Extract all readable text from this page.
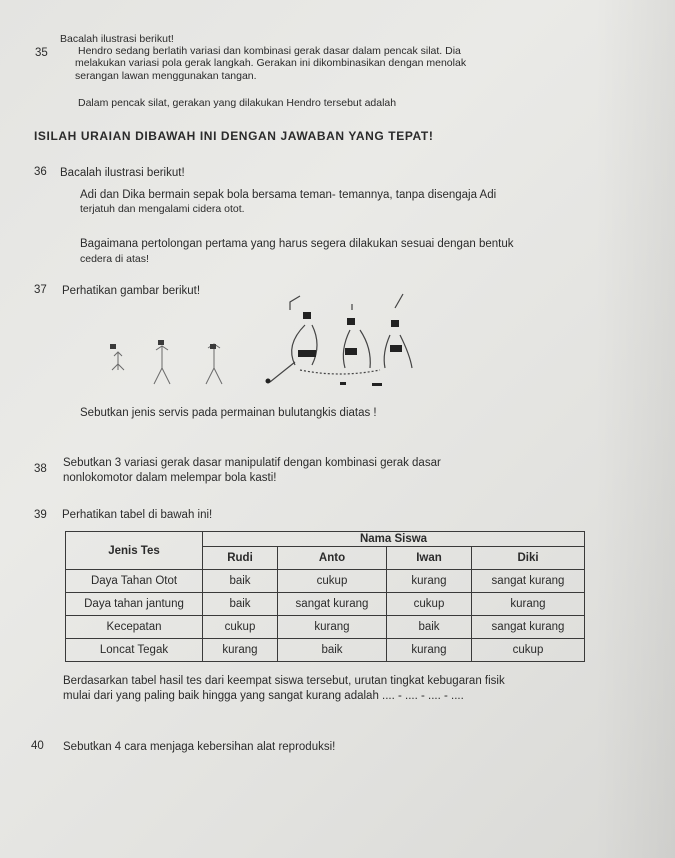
35
Bacalah ilustrasi berikut!
Hendro sedang berlatih variasi dan kombinasi gerak dasar dalam pencak silat. Dia
melakukan variasi pola gerak langkah. Gerakan ini dikombinasikan dengan menolak
serangan lawan menggunakan tangan.
Dalam pencak silat, gerakan yang dilakukan Hendro tersebut adalah
ISILAH URAIAN DIBAWAH INI DENGAN JAWABAN YANG TEPAT!
36 Bacalah ilustrasi berikut!
Adi dan Dika bermain sepak bola bersama teman- temannya, tanpa disengaja Adi
terjatuh dan mengalami cidera otot.
Bagaimana pertolongan pertama yang harus segera dilakukan sesuai dengan bentuk
cedera di atas!
37 Perhatikan gambar berikut!
Sebutkan jenis servis pada permainan bulutangkis diatas !
38 Sebutkan 3 variasi gerak dasar manipulatif dengan kombinasi gerak dasar
nonlokomotor dalam melempar bola kasti!
39 Perhatikan tabel di bawah ini!
Jenis Tes	Nama Siswa			
	Rudi	Anto	Iwan	Diki
Daya Tahan Otot	baik	cukup	kurang	sangat kurang
Daya tahan jantung	baik	sangat kurang	cukup	kurang
Kecepatan	cukup	kurang	baik	sangat kurang
Loncat Tegak	kurang	baik	kurang	cukup
Berdasarkan tabel hasil tes dari keempat siswa tersebut, urutan tingkat kebugaran fisik
mulai dari yang paling baik hingga yang sangat kurang adalah .... - .... - .... - ....
40 Sebutkan 4 cara menjaga kebersihan alat reproduksi!
